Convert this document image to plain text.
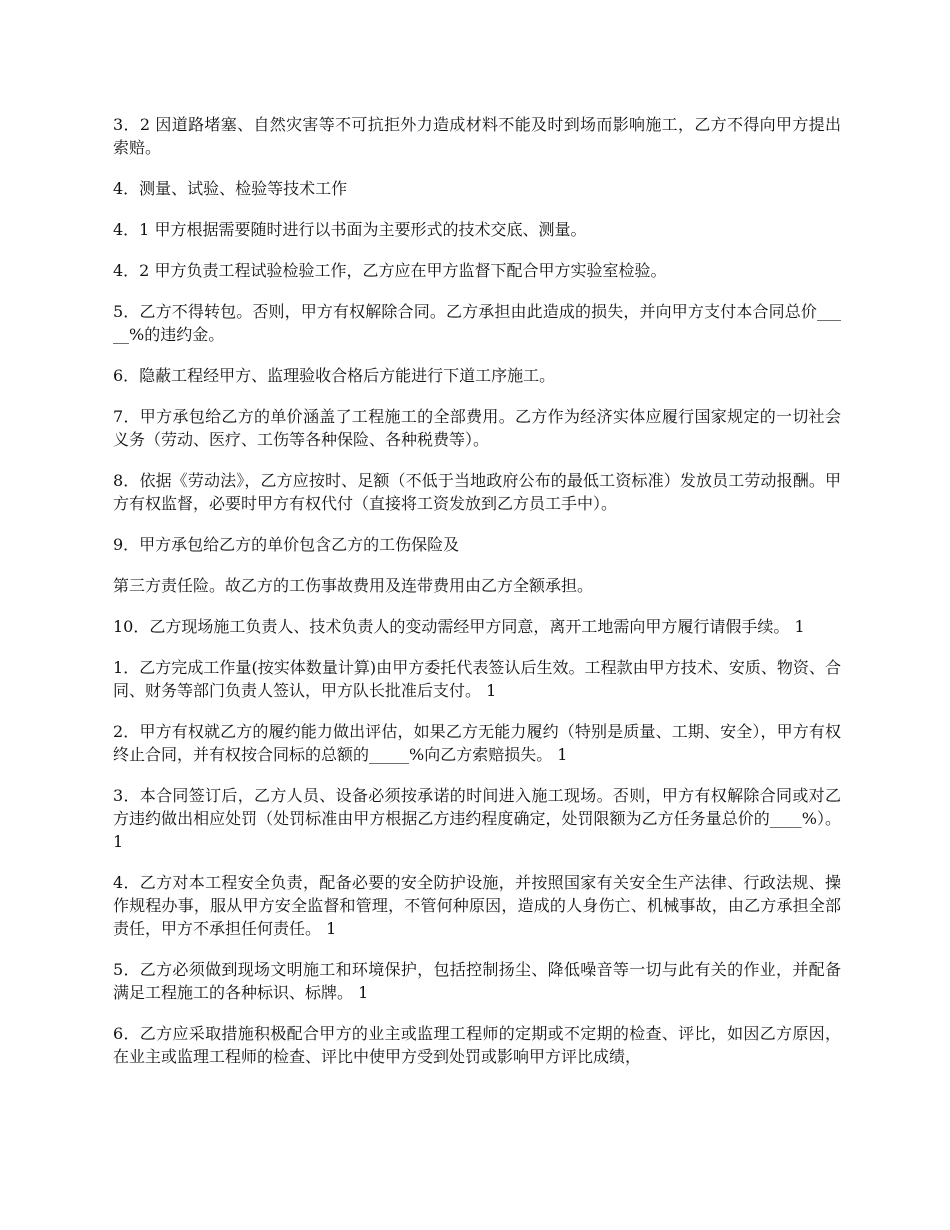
3．2 因道路堵塞、自然灾害等不可抗拒外力造成材料不能及时到场而影响施工，乙方不得向甲方提出索赔。

4．测量、试验、检验等技术工作

4．1 甲方根据需要随时进行以书面为主要形式的技术交底、测量。

4．2 甲方负责工程试验检验工作，乙方应在甲方监督下配合甲方实验室检验。

5．乙方不得转包。否则，甲方有权解除合同。乙方承担由此造成的损失，并向甲方支付本合同总价_____%的违约金。

6．隐蔽工程经甲方、监理验收合格后方能进行下道工序施工。

7．甲方承包给乙方的单价涵盖了工程施工的全部费用。乙方作为经济实体应履行国家规定的一切社会义务（劳动、医疗、工伤等各种保险、各种税费等）。

8．依据《劳动法》，乙方应按时、足额（不低于当地政府公布的最低工资标准）发放员工劳动报酬。甲方有权监督，必要时甲方有权代付（直接将工资发放到乙方员工手中）。

9．甲方承包给乙方的单价包含乙方的工伤保险及

第三方责任险。故乙方的工伤事故费用及连带费用由乙方全额承担。

10．乙方现场施工负责人、技术负责人的变动需经甲方同意，离开工地需向甲方履行请假手续。 1

1．乙方完成工作量(按实体数量计算)由甲方委托代表签认后生效。工程款由甲方技术、安质、物资、合同、财务等部门负责人签认，甲方队长批准后支付。 1

2．甲方有权就乙方的履约能力做出评估，如果乙方无能力履约（特别是质量、工期、安全），甲方有权终止合同，并有权按合同标的总额的_____%向乙方索赔损失。 1

3．本合同签订后，乙方人员、设备必须按承诺的时间进入施工现场。否则，甲方有权解除合同或对乙方违约做出相应处罚（处罚标准由甲方根据乙方违约程度确定，处罚限额为乙方任务量总价的____%）。 1

4．乙方对本工程安全负责，配备必要的安全防护设施，并按照国家有关安全生产法律、行政法规、操作规程办事，服从甲方安全监督和管理，不管何种原因，造成的人身伤亡、机械事故，由乙方承担全部责任，甲方不承担任何责任。 1

5．乙方必须做到现场文明施工和环境保护，包括控制扬尘、降低噪音等一切与此有关的作业，并配备满足工程施工的各种标识、标牌。 1

6．乙方应采取措施积极配合甲方的业主或监理工程师的定期或不定期的检查、评比，如因乙方原因，在业主或监理工程师的检查、评比中使甲方受到处罚或影响甲方评比成绩，
